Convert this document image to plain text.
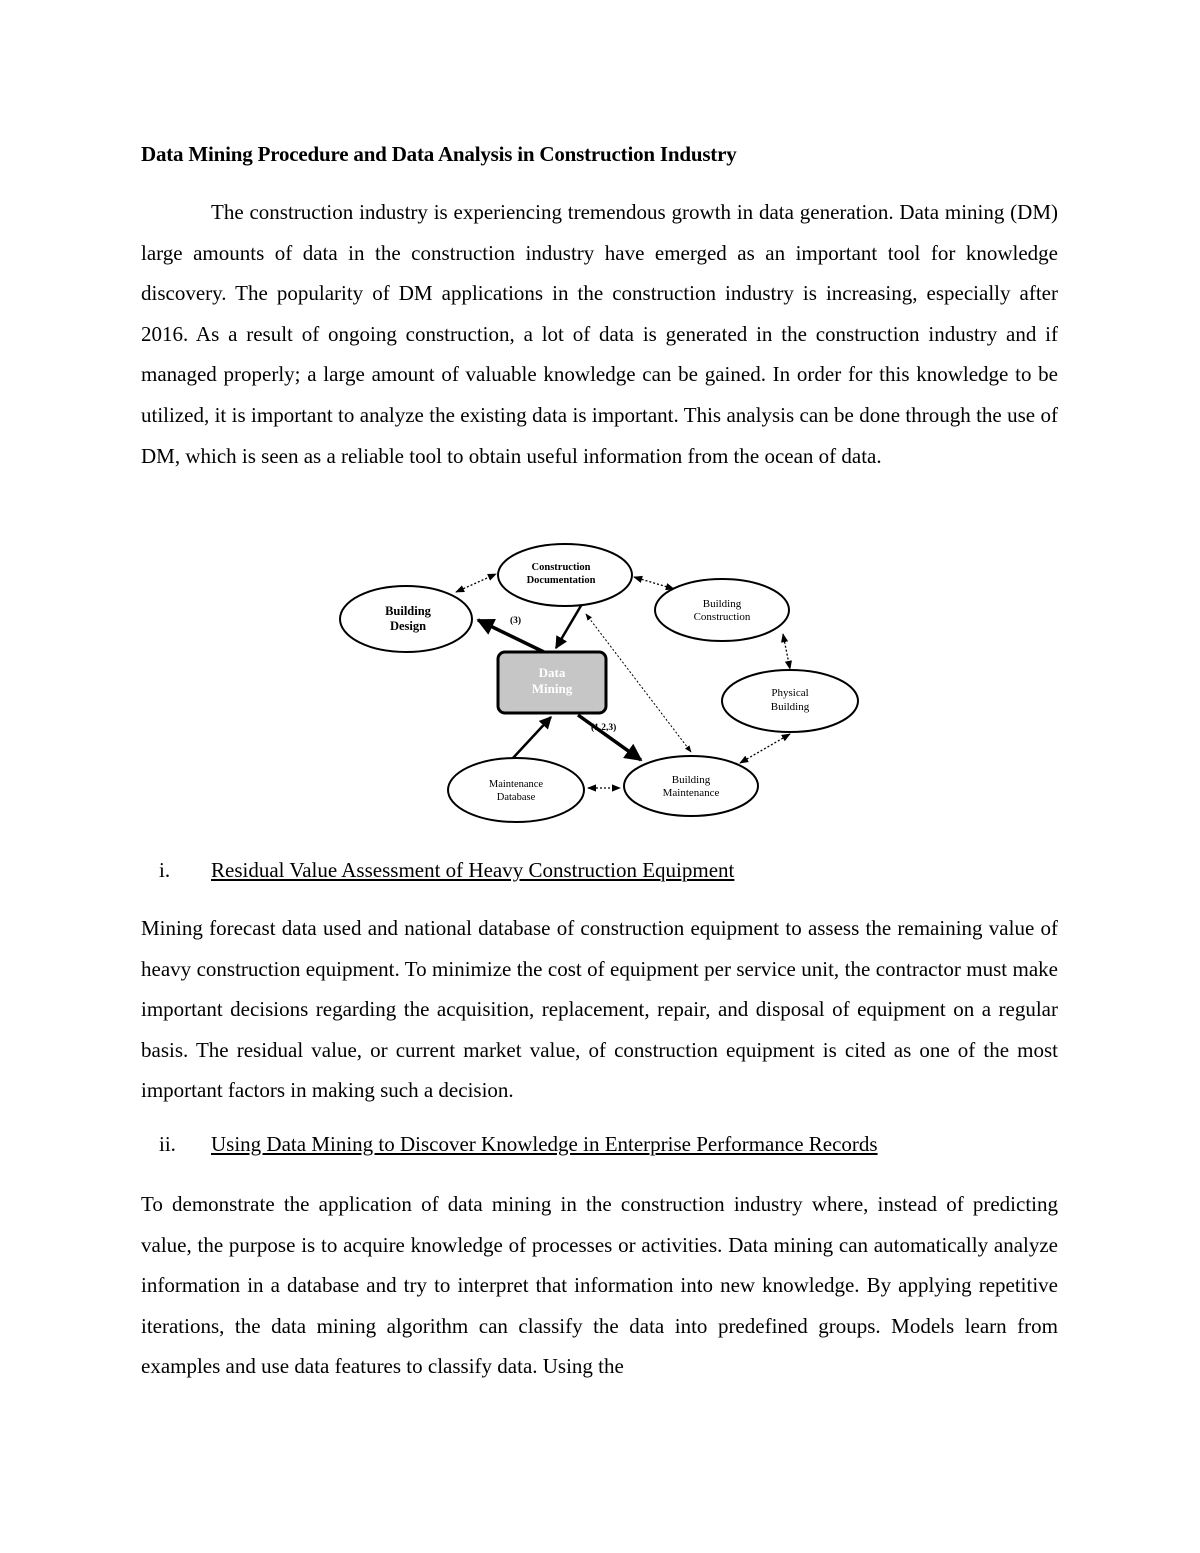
Data Mining Procedure and Data Analysis in Construction Industry

The construction industry is experiencing tremendous growth in data generation. Data mining (DM) large amounts of data in the construction industry have emerged as an important tool for knowledge discovery. The popularity of DM applications in the construction industry is increasing, especially after 2016. As a result of ongoing construction, a lot of data is generated in the construction industry and if managed properly; a large amount of valuable knowledge can be gained. In order for this knowledge to be utilized, it is important to analyze the existing data is important. This analysis can be done through the use of DM, which is seen as a reliable tool to obtain useful information from the ocean of data.

Construction
Documentation
Building
Design
Building
Construction
Data
Mining	Physical
Building
Maintenance
Database
Building
Maintenance
(3)
(1,2,3)
i. Residual Value Assessment of Heavy Construction Equipment

Mining forecast data used and national database of construction equipment to assess the remaining value of heavy construction equipment. To minimize the cost of equipment per service unit, the contractor must make important decisions regarding the acquisition, replacement, repair, and disposal of equipment on a regular basis. The residual value, or current market value, of construction equipment is cited as one of the most important factors in making such a decision.

ii. Using Data Mining to Discover Knowledge in Enterprise Performance Records

To demonstrate the application of data mining in the construction industry where, instead of predicting value, the purpose is to acquire knowledge of processes or activities. Data mining can automatically analyze information in a database and try to interpret that information into new knowledge. By applying repetitive iterations, the data mining algorithm can classify the data into predefined groups. Models learn from examples and use data features to classify data. Using the
